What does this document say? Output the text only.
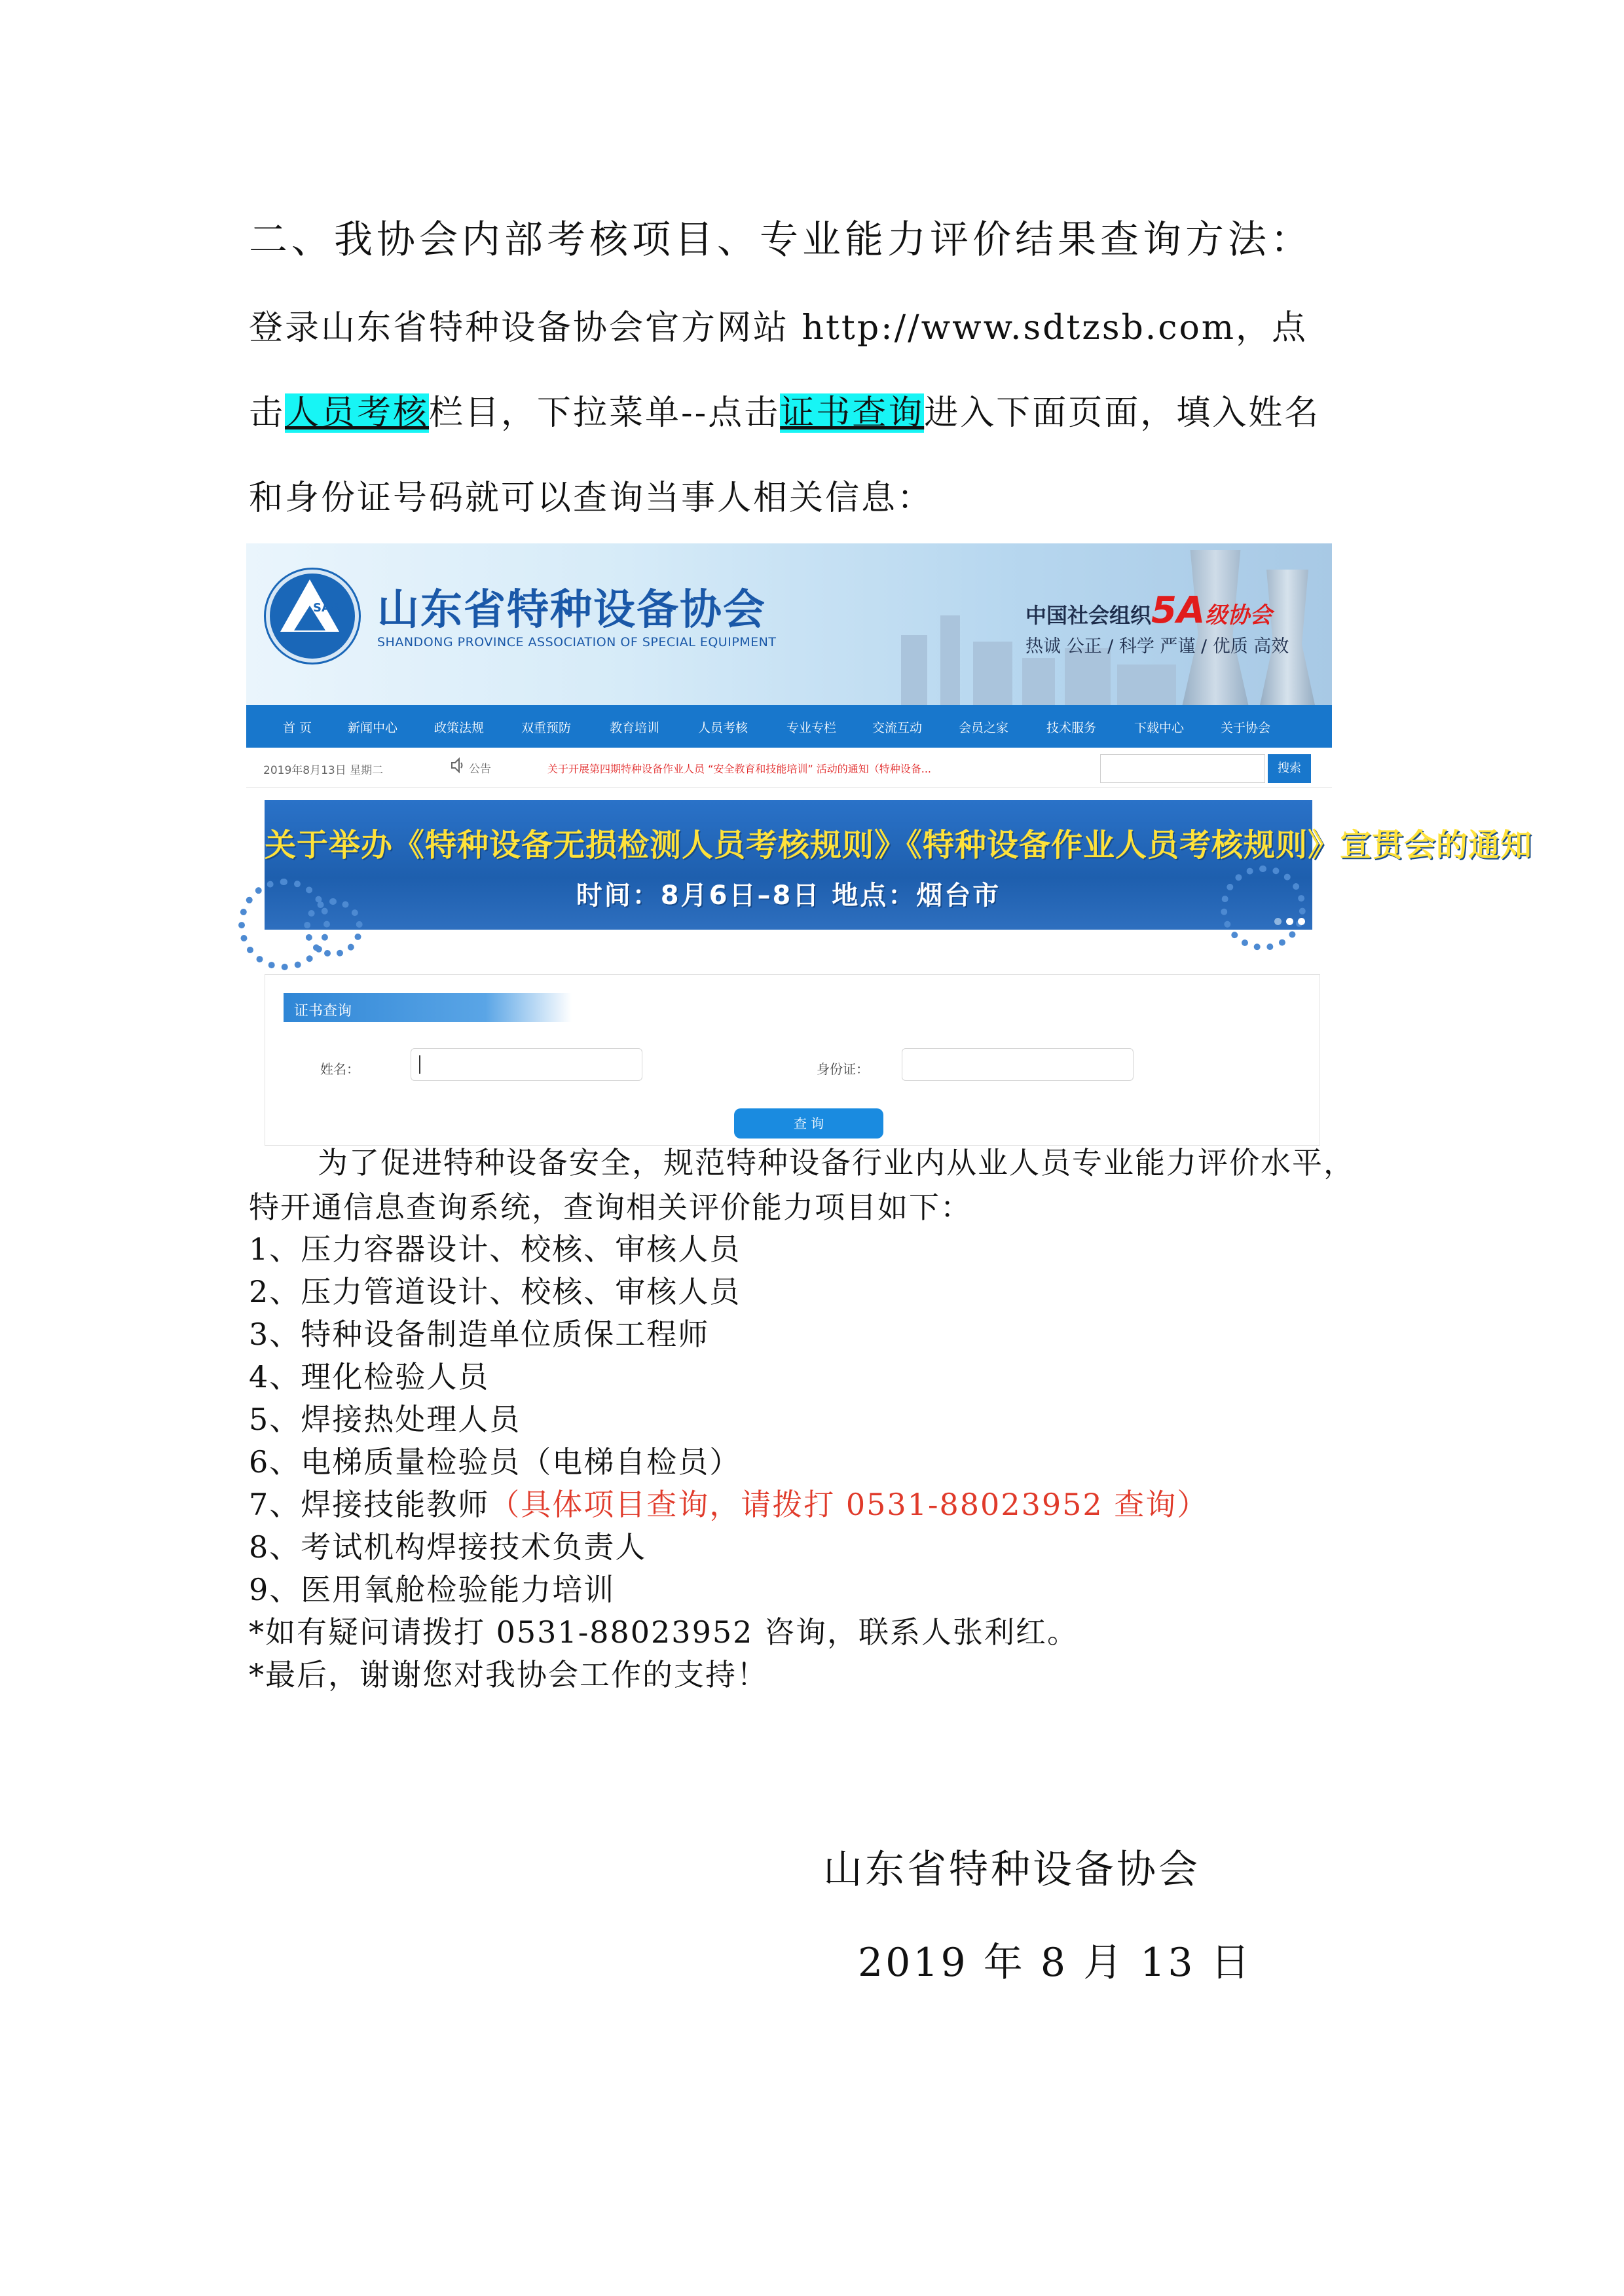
二、我协会内部考核项目、专业能力评价结果查询方法：
登录山东省特种设备协会官方网站 http://www.sdtzsb.com，点
击人员考核栏目，下拉菜单--点击证书查询进入下面页面，填入姓名
和身份证号码就可以查询当事人相关信息：
SASE 山东省特种设备协会
SHANDONG PROVINCE ASSOCIATION OF SPECIAL EQUIPMENT
中国社会组织5A级协会
热诚 公正 / 科学 严谨 / 优质 高效
首 页	新闻中心	政策法规	双重预防	教育培训	人员考核	专业专栏	交流互动	会员之家	技术服务	下载中心	关于协会
2019年8月13日 星期二	公告	关于开展第四期特种设备作业人员 “安全教育和技能培训” 活动的通知（特种设备...	搜索
关于举办《特种设备无损检测人员考核规则》《特种设备作业人员考核规则》宣贯会的通知
时间：8月6日–8日 地点：烟台市
证书查询
姓名：	身份证：
查 询
为了促进特种设备安全，规范特种设备行业内从业人员专业能力评价水平，
特开通信息查询系统，查询相关评价能力项目如下：
1、压力容器设计、校核、审核人员
2、压力管道设计、校核、审核人员
3、特种设备制造单位质保工程师
4、理化检验人员
5、焊接热处理人员
6、电梯质量检验员（电梯自检员）
7、焊接技能教师（具体项目查询，请拨打 0531-88023952 查询）
8、考试机构焊接技术负责人
9、医用氧舱检验能力培训
*如有疑问请拨打 0531-88023952 咨询，联系人张利红。
*最后，谢谢您对我协会工作的支持！
山东省特种设备协会
2019 年 8 月 13 日
